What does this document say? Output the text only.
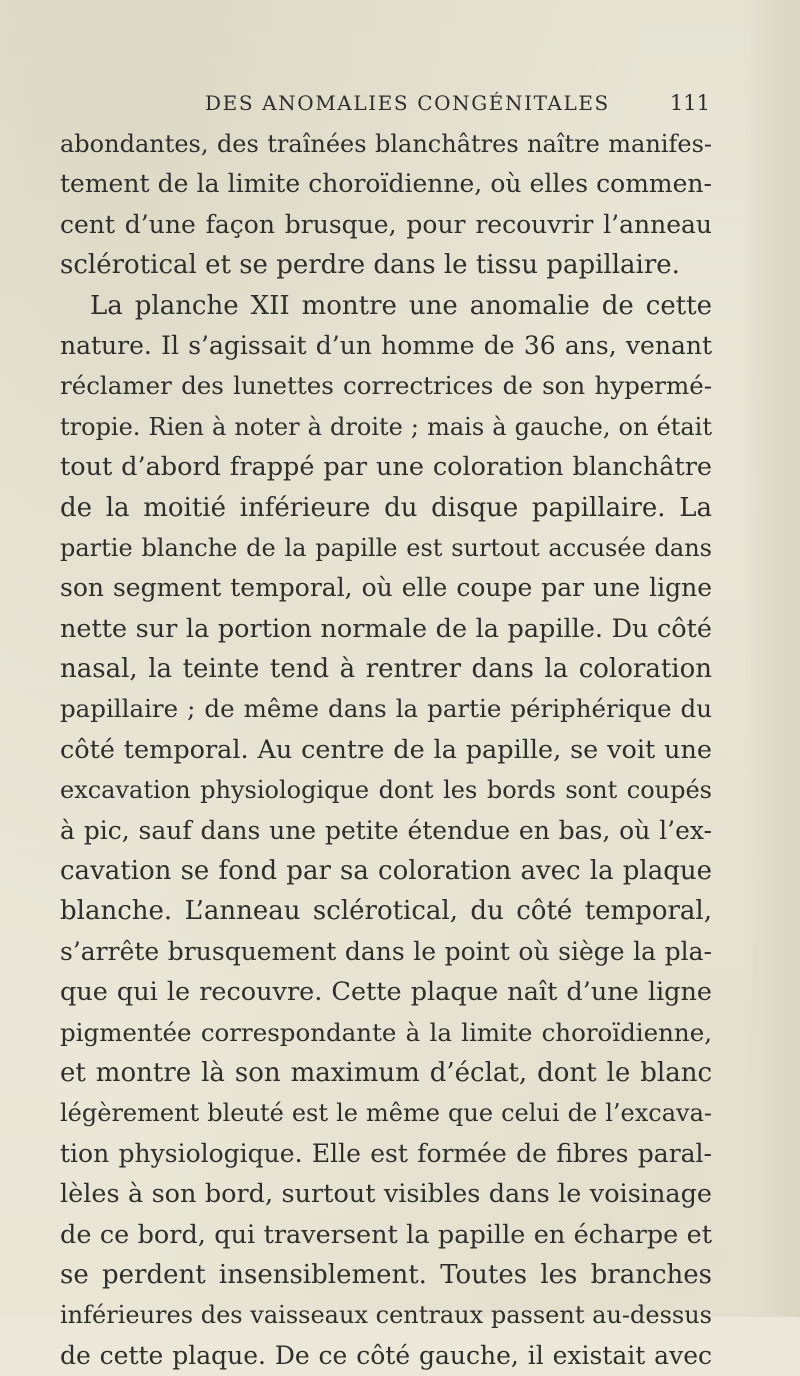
DES ANOMALIES CONGÉNITALES	111
abondantes, des traînées blanchâtres naître manifes-
tement de la limite choroïdienne, où elles commen-
cent d’une façon brusque, pour recouvrir l’anneau
sclérotical et se perdre dans le tissu papillaire.
La planche XII montre une anomalie de cette
nature. Il s’agissait d’un homme de 36 ans, venant
réclamer des lunettes correctrices de son hypermé-
tropie. Rien à noter à droite ; mais à gauche, on était
tout d’abord frappé par une coloration blanchâtre
de la moitié inférieure du disque papillaire. La
partie blanche de la papille est surtout accusée dans
son segment temporal, où elle coupe par une ligne
nette sur la portion normale de la papille. Du côté
nasal, la teinte tend à rentrer dans la coloration
papillaire ; de même dans la partie périphérique du
côté temporal. Au centre de la papille, se voit une
excavation physiologique dont les bords sont coupés
à pic, sauf dans une petite étendue en bas, où l’ex-
cavation se fond par sa coloration avec la plaque
blanche. L’anneau sclérotical, du côté temporal,
s’arrête brusquement dans le point où siège la pla-
que qui le recouvre. Cette plaque naît d’une ligne
pigmentée correspondante à la limite choroïdienne,
et montre là son maximum d’éclat, dont le blanc
légèrement bleuté est le même que celui de l’excava-
tion physiologique. Elle est formée de fibres paral-
lèles à son bord, surtout visibles dans le voisinage
de ce bord, qui traversent la papille en écharpe et
se perdent insensiblement. Toutes les branches
inférieures des vaisseaux centraux passent au-dessus
de cette plaque. De ce côté gauche, il existait avec
